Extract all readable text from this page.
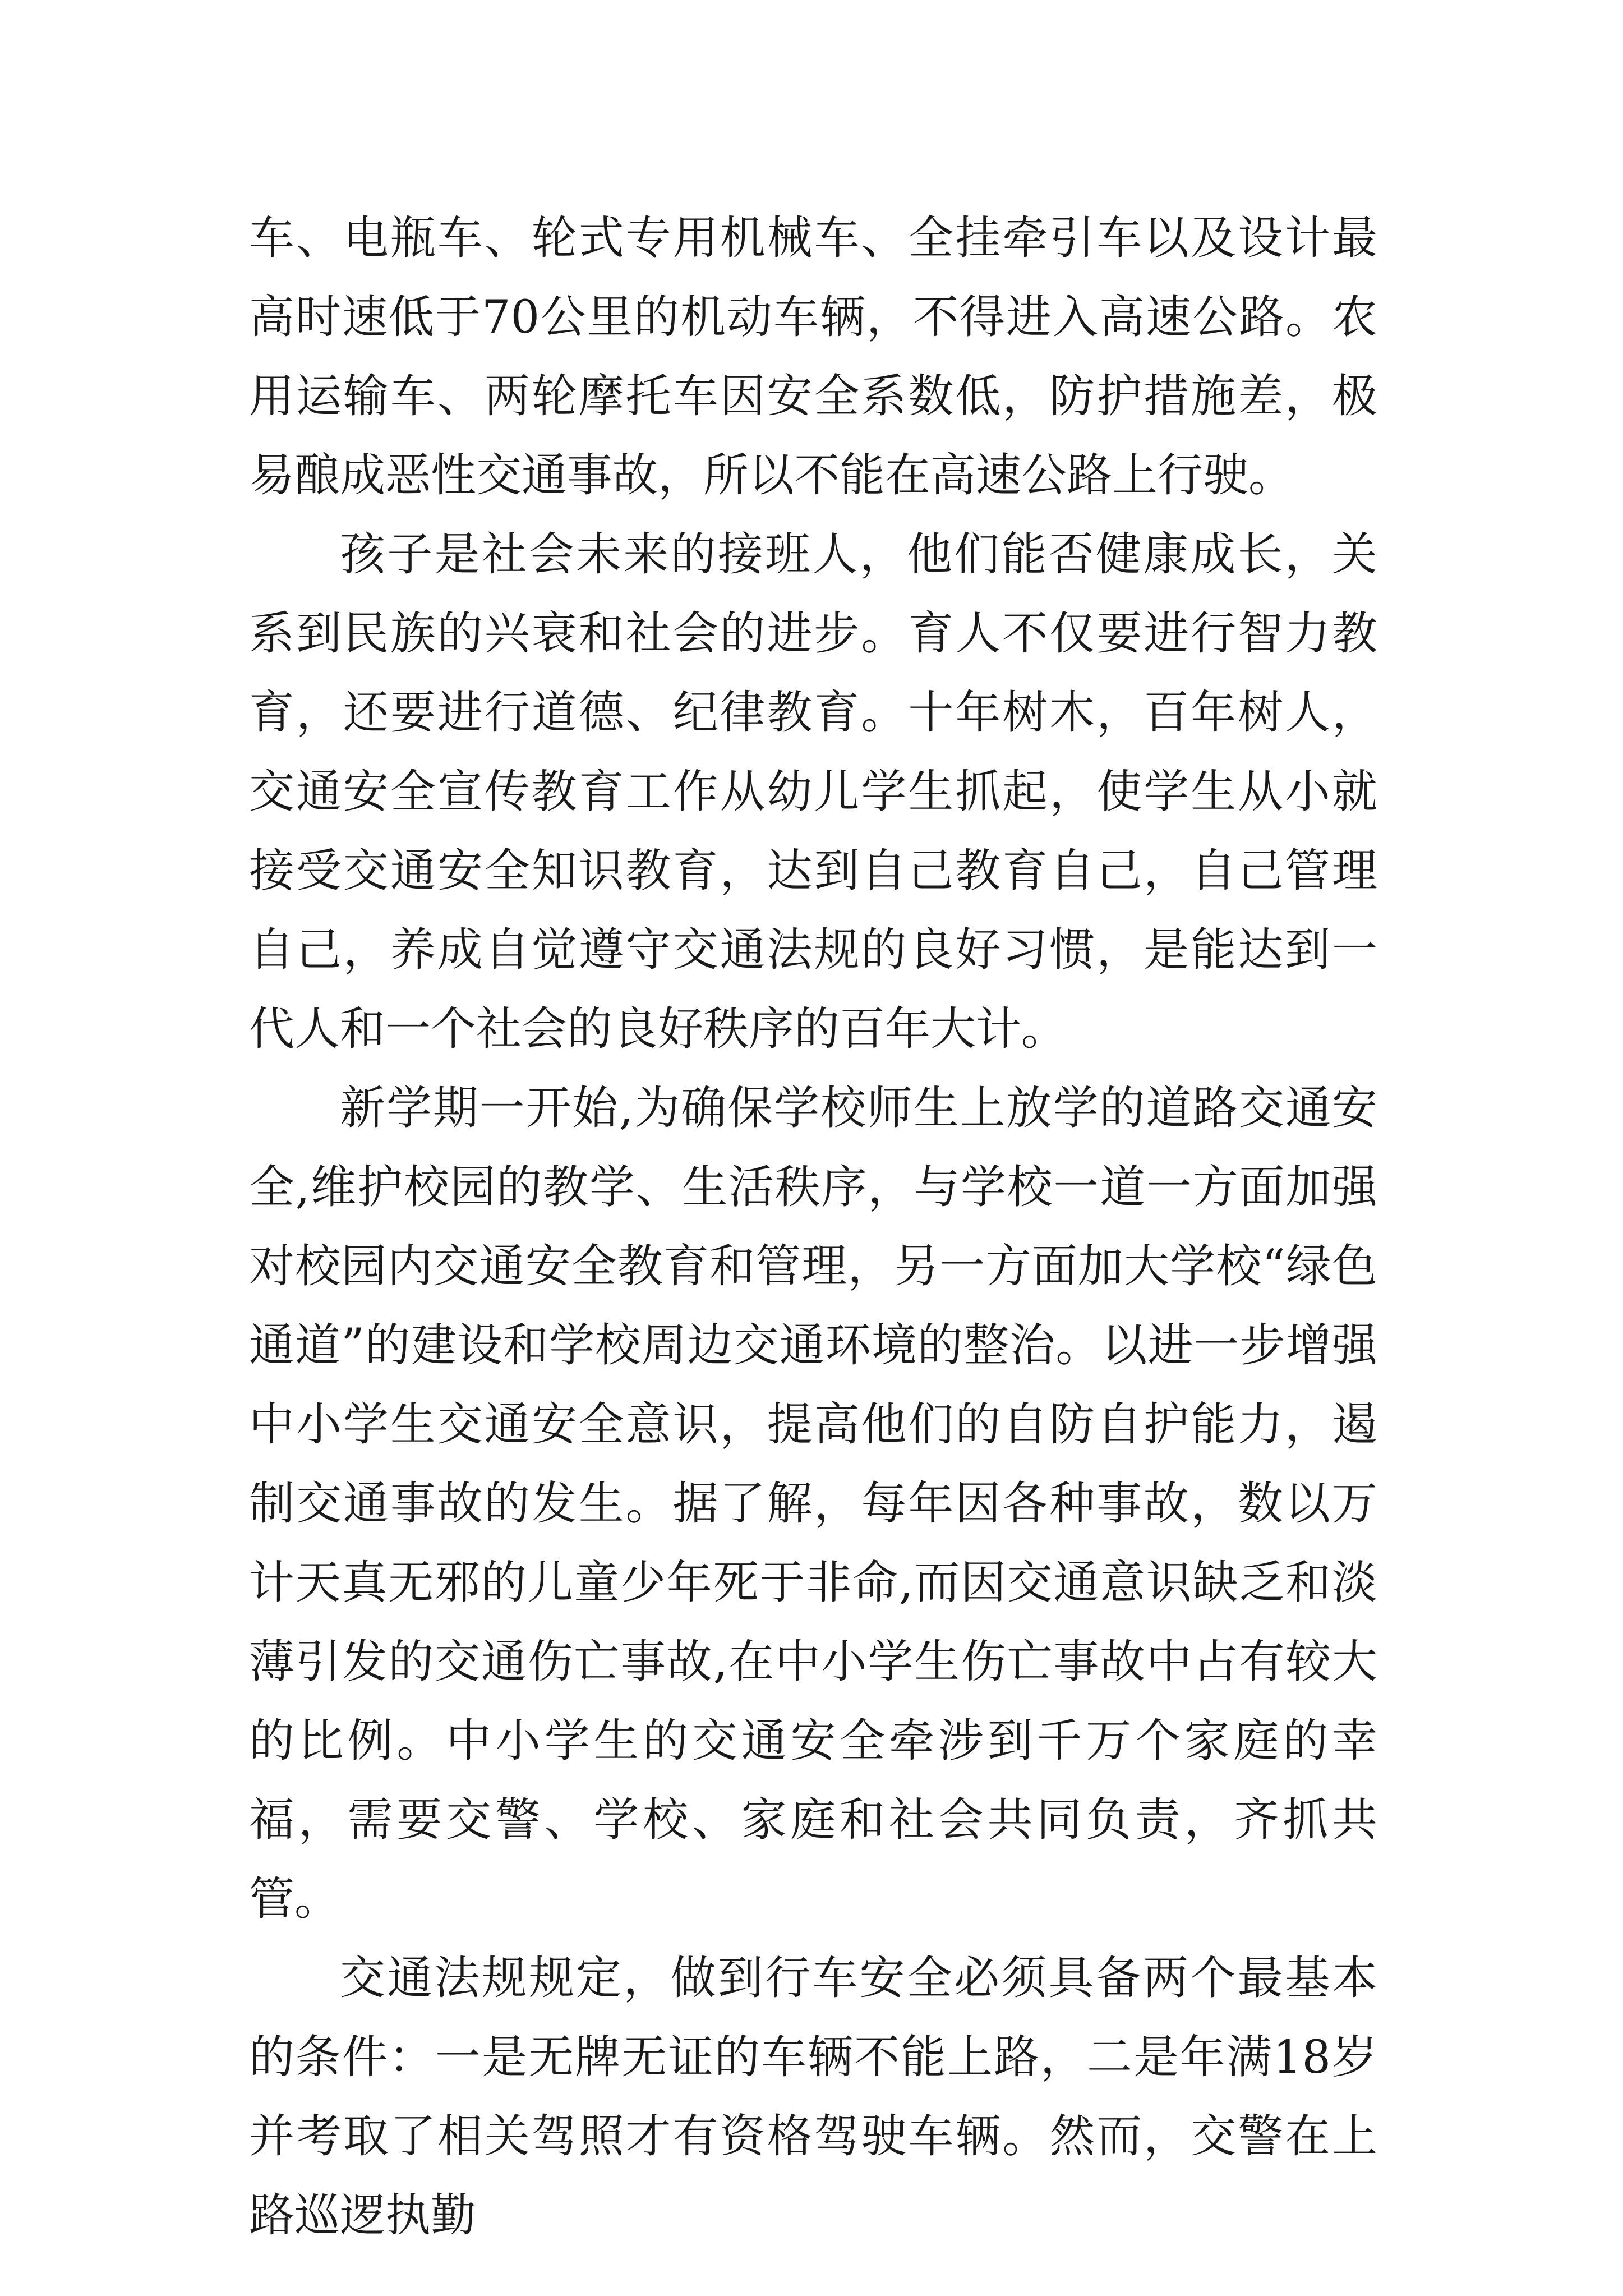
车、电瓶车、轮式专用机械车、全挂牵引车以及设计最高时速低于70公里的机动车辆，不得进入高速公路。农用运输车、两轮摩托车因安全系数低，防护措施差，极易酿成恶性交通事故，所以不能在高速公路上行驶。

孩子是社会未来的接班人，他们能否健康成长，关系到民族的兴衰和社会的进步。育人不仅要进行智力教育，还要进行道德、纪律教育。十年树木，百年树人，交通安全宣传教育工作从幼儿学生抓起，使学生从小就接受交通安全知识教育，达到自己教育自己，自己管理自己，养成自觉遵守交通法规的良好习惯，是能达到一代人和一个社会的良好秩序的百年大计。

新学期一开始,为确保学校师生上放学的道路交通安全,维护校园的教学、生活秩序，与学校一道一方面加强对校园内交通安全教育和管理，另一方面加大学校“绿色通道”的建设和学校周边交通环境的整治。以进一步增强中小学生交通安全意识，提高他们的自防自护能力，遏制交通事故的发生。据了解，每年因各种事故，数以万计天真无邪的儿童少年死于非命,而因交通意识缺乏和淡薄引发的交通伤亡事故,在中小学生伤亡事故中占有较大的比例。中小学生的交通安全牵涉到千万个家庭的幸福，需要交警、学校、家庭和社会共同负责，齐抓共管。

交通法规规定，做到行车安全必须具备两个最基本的条件：一是无牌无证的车辆不能上路，二是年满18岁并考取了相关驾照才有资格驾驶车辆。然而，交警在上路巡逻执勤
